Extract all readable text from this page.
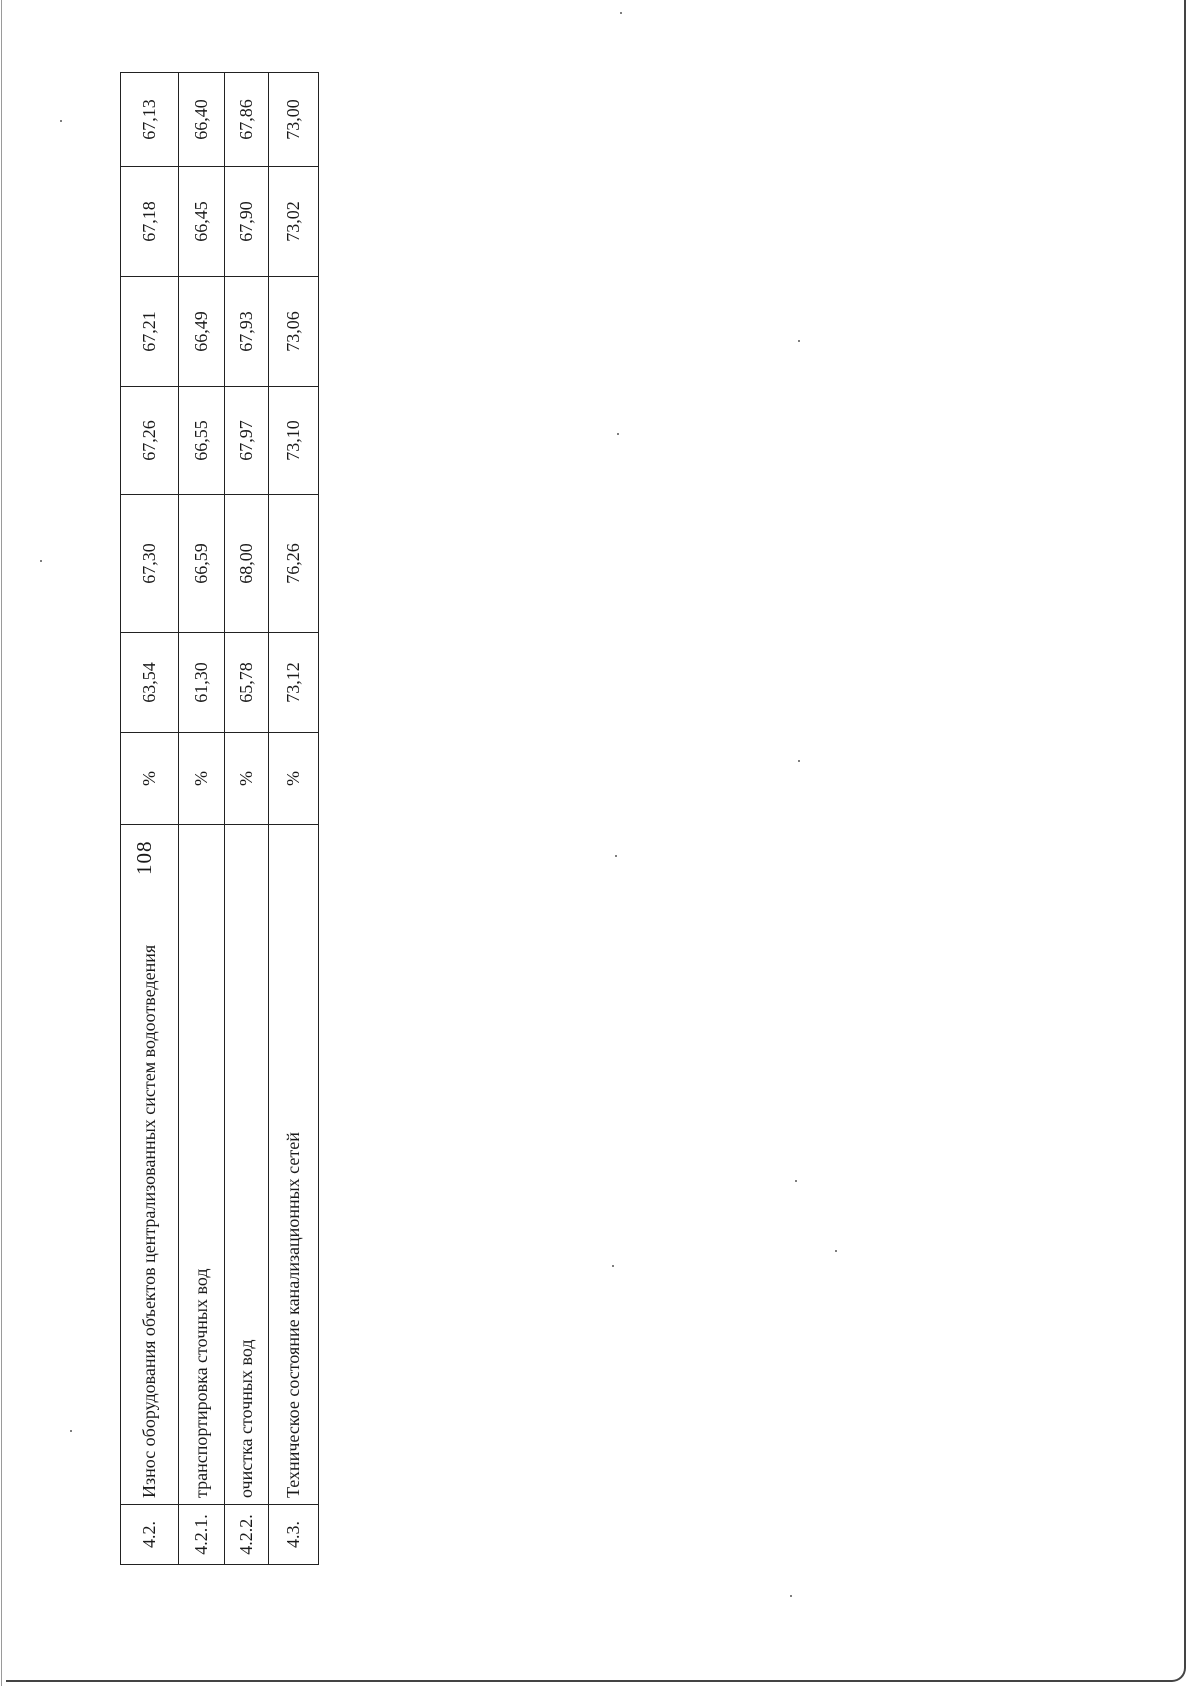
108
4.2.	Износ оборудования объектов централизованных систем водоотведения	%	63,54	67,30	67,26	67,21	67,18	67,13
4.2.1.	транспортировка сточных вод	%	61,30	66,59	66,55	66,49	66,45	66,40
4.2.2.	очистка сточных вод	%	65,78	68,00	67,97	67,93	67,90	67,86
4.3.	Техническое состояние канализационных сетей	%	73,12	76,26	73,10	73,06	73,02	73,00
